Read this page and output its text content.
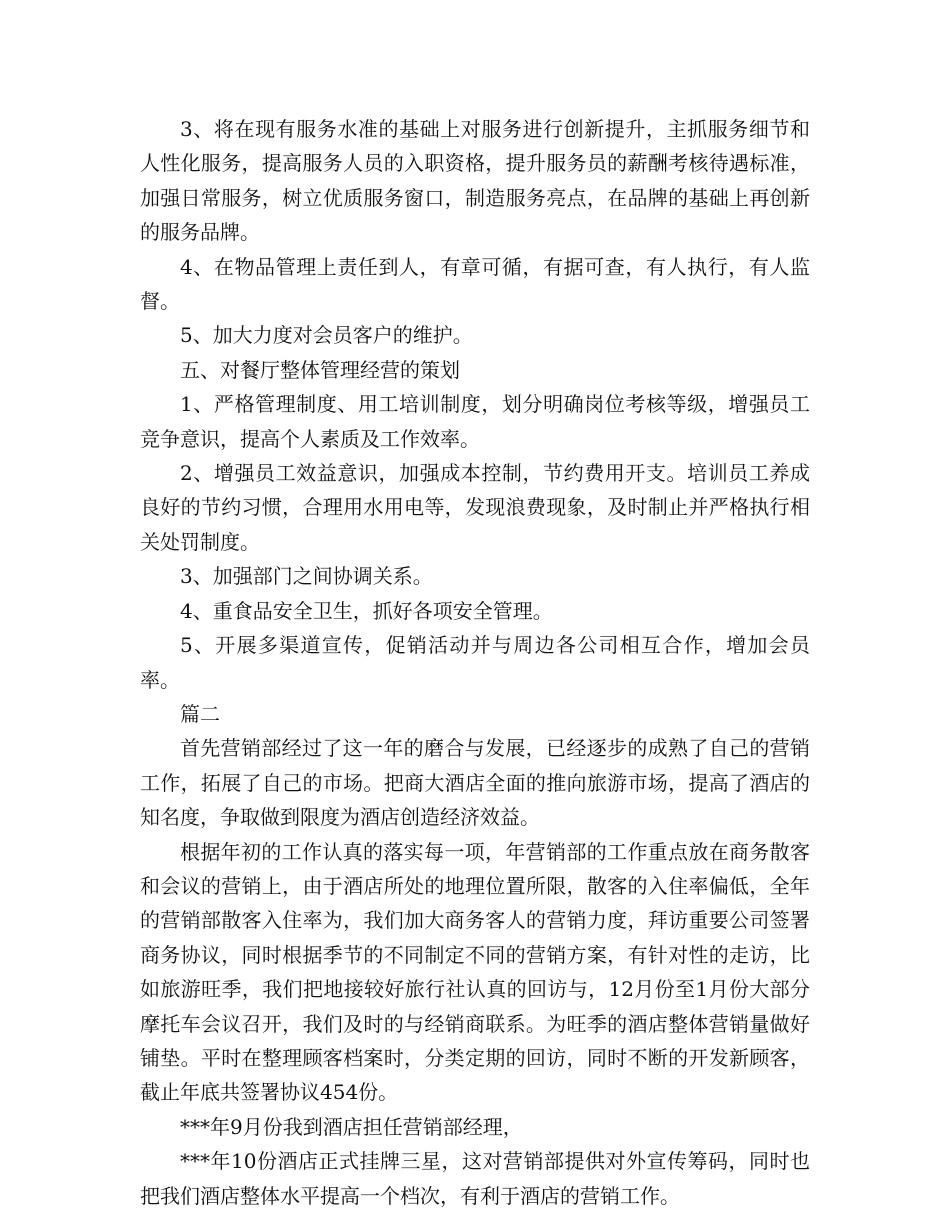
3、将在现有服务水准的基础上对服务进行创新提升，主抓服务细节和人性化服务，提高服务人员的入职资格，提升服务员的薪酬考核待遇标准，加强日常服务，树立优质服务窗口，制造服务亮点，在品牌的基础上再创新的服务品牌。

4、在物品管理上责任到人，有章可循，有据可查，有人执行，有人监督。

5、加大力度对会员客户的维护。

五、对餐厅整体管理经营的策划

1、严格管理制度、用工培训制度，划分明确岗位考核等级，增强员工竞争意识，提高个人素质及工作效率。

2、增强员工效益意识，加强成本控制，节约费用开支。培训员工养成良好的节约习惯，合理用水用电等，发现浪费现象，及时制止并严格执行相关处罚制度。

3、加强部门之间协调关系。

4、重食品安全卫生，抓好各项安全管理。

5、开展多渠道宣传，促销活动并与周边各公司相互合作，增加会员率。

篇二

首先营销部经过了这一年的磨合与发展，已经逐步的成熟了自己的营销工作，拓展了自己的市场。把商大酒店全面的推向旅游市场，提高了酒店的知名度，争取做到限度为酒店创造经济效益。

根据年初的工作认真的落实每一项，年营销部的工作重点放在商务散客和会议的营销上，由于酒店所处的地理位置所限，散客的入住率偏低，全年的营销部散客入住率为，我们加大商务客人的营销力度，拜访重要公司签署商务协议，同时根据季节的不同制定不同的营销方案，有针对性的走访，比如旅游旺季，我们把地接较好旅行社认真的回访与，12月份至1月份大部分摩托车会议召开，我们及时的与经销商联系。为旺季的酒店整体营销量做好铺垫。平时在整理顾客档案时，分类定期的回访，同时不断的开发新顾客，截止年底共签署协议454份。

***年9月份我到酒店担任营销部经理，

***年10份酒店正式挂牌三星，这对营销部提供对外宣传筹码，同时也把我们酒店整体水平提高一个档次，有利于酒店的营销工作。
